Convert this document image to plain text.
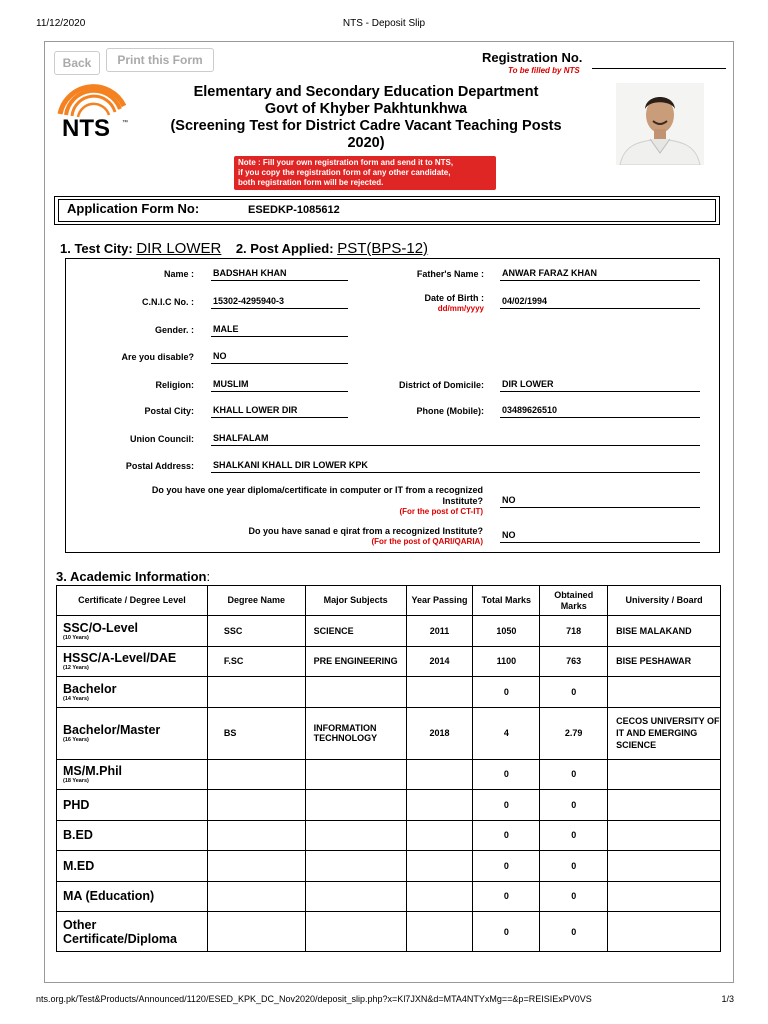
11/12/2020	NTS - Deposit Slip
Back	Print this Form	Registration No.
To be filled by NTS
NTS ™
Elementary and Secondary Education Department
Govt of Khyber Pakhtunkhwa
(Screening Test for District Cadre Vacant Teaching Posts
2020)
Note : Fill your own registration form and send it to NTS,
if you copy the registration form of any other candidate,
both registration form will be rejected.
Application Form No:	ESEDKP-1085612
1. Test City: DIR LOWER 2. Post Applied: PST(BPS-12)
Name : BADSHAH KHAN	Father's Name : ANWAR FARAZ KHAN
C.N.I.C No. : 15302-4295940-3	Date of Birth :
dd/mm/yyyy
04/02/1994
Gender. : MALE
Are you disable? NO
Religion: MUSLIM	District of Domicile: DIR LOWER
Postal City: KHALL LOWER DIR	Phone (Mobile): 03489626510
Union Council: SHALFALAM
Postal Address: SHALKANI KHALL DIR LOWER KPK
Do you have one year diploma/certificate in computer or IT from a recognized
Institute?
(For the post of CT-IT)
NO
Do you have sanad e qirat from a recognized Institute?
(For the post of QARI/QARIA)
NO
3. Academic Information:
Certificate / Degree Level	Degree Name	Major Subjects	Year Passing	Total Marks	Obtained Marks	University / Board

SSC/O-Level
(10 Years)	SSC	SCIENCE	2011	1050	718	BISE MALAKAND

HSSC/A-Level/DAE
(12 Years)	F.SC	PRE ENGINEERING	2014	1100	763	BISE PESHAWAR

Bachelor
(14 Years)				0	0	

Bachelor/Master
(16 Years)	BS	INFORMATION TECHNOLOGY	2018	4	2.79	CECOS UNIVERSITY OF IT AND EMERGING SCIENCE

MS/M.Phil
(18 Years)				0	0	

PHD				0	0	

B.ED				0	0	

M.ED				0	0	

MA (Education)				0	0	

Other Certificate/Diploma				0	0	
nts.org.pk/Test&Products/Announced/1120/ESED_KPK_DC_Nov2020/deposit_slip.php?x=Kl7JXN&d=MTA4NTYxMg==&p=REISIExPV0VS	1/3
